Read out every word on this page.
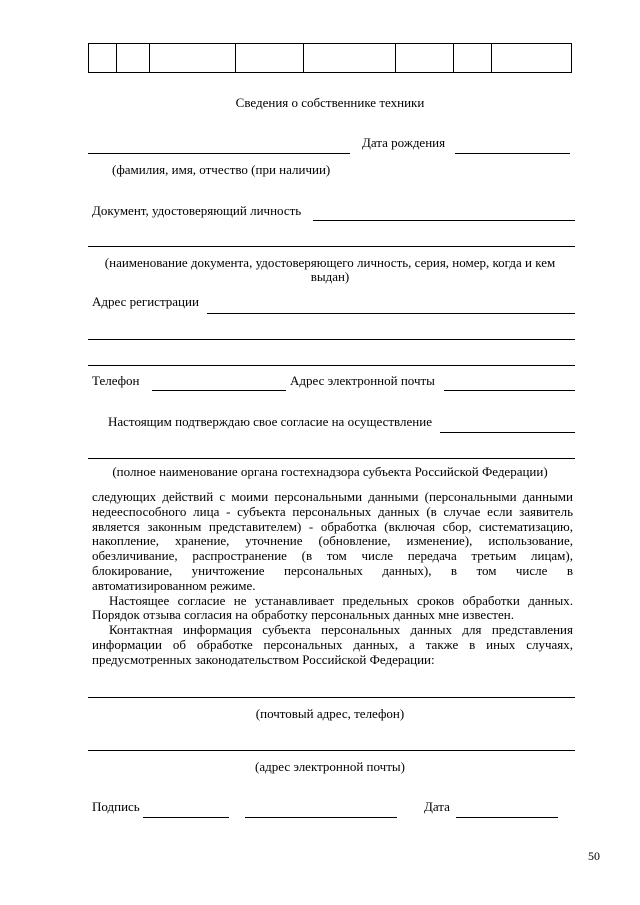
Сведения о собственнике техники
Дата рождения
(фамилия, имя, отчество (при наличии)
Документ, удостоверяющий личность
(наименование документа, удостоверяющего личность, серия, номер, когда и кем
выдан)
Адрес регистрации
Телефон	Адрес электронной почты
Настоящим подтверждаю свое согласие на осуществление
(полное наименование органа гостехнадзора субъекта Российской Федерации)

следующих действий с моими персональными данными (персональными данными недееспособного лица - субъекта персональных данных (в случае если заявитель является законным представителем) - обработка (включая сбор, систематизацию, накопление, хранение, уточнение (обновление, изменение), использование, обезличивание, распространение (в том числе передача третьим лицам), блокирование, уничтожение персональных данных), в том числе в

автоматизированном режиме.

Настоящее согласие не устанавливает предельных сроков обработки данных. Порядок отзыва согласия на обработку персональных данных мне известен.

Контактная информация субъекта персональных данных для представления информации об обработке персональных данных, а также в иных случаях, предусмотренных законодательством Российской Федерации:

(почтовый адрес, телефон)
(адрес электронной почты)
Подпись	Дата
50
